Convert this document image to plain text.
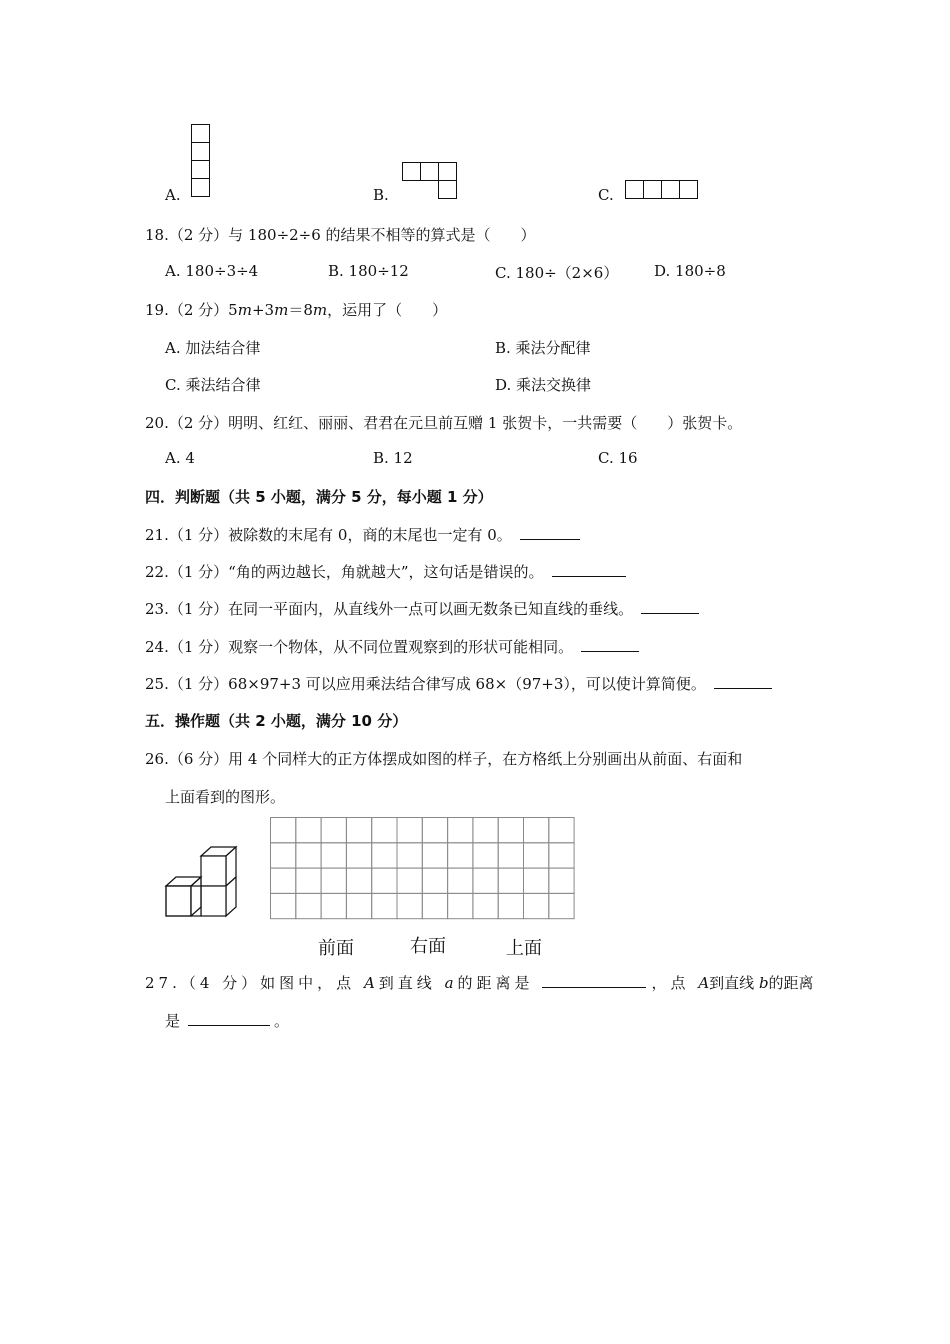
A.	B.	C.
18.（2 分）与 180÷2÷6 的结果不相等的算式是（　　）
A. 180÷3÷4	B. 180÷12	C. 180÷（2×6） D. 180÷8
19.（2 分）5m+3m＝8m，运用了（　　）
A. 加法结合律	B. 乘法分配律
C. 乘法结合律	D. 乘法交换律
20.（2 分）明明、红红、丽丽、君君在元旦前互赠 1 张贺卡，一共需要（　　）张贺卡。
A. 4	B. 12	C. 16
四．判断题（共 5 小题，满分 5 分，每小题 1 分）
21.（1 分）被除数的末尾有 0，商的末尾也一定有 0。
22.（1 分）“角的两边越长，角就越大”，这句话是错误的。
23.（1 分）在同一平面内，从直线外一点可以画无数条已知直线的垂线。
24.（1 分）观察一个物体，从不同位置观察到的形状可能相同。
25.（1 分）68×97+3 可以应用乘法结合律写成 68×（97+3），可以使计算简便。
五．操作题（共 2 小题，满分 10 分）
26.（6 分）用 4 个同样大的正方体摆成如图的样子，在方格纸上分别画出从前面、右面和
上面看到的图形。
前面	右面	上面
27.（4 分）如图中，点 A到直线 a的距离是	，点 A到直线 b的距离
是	。
